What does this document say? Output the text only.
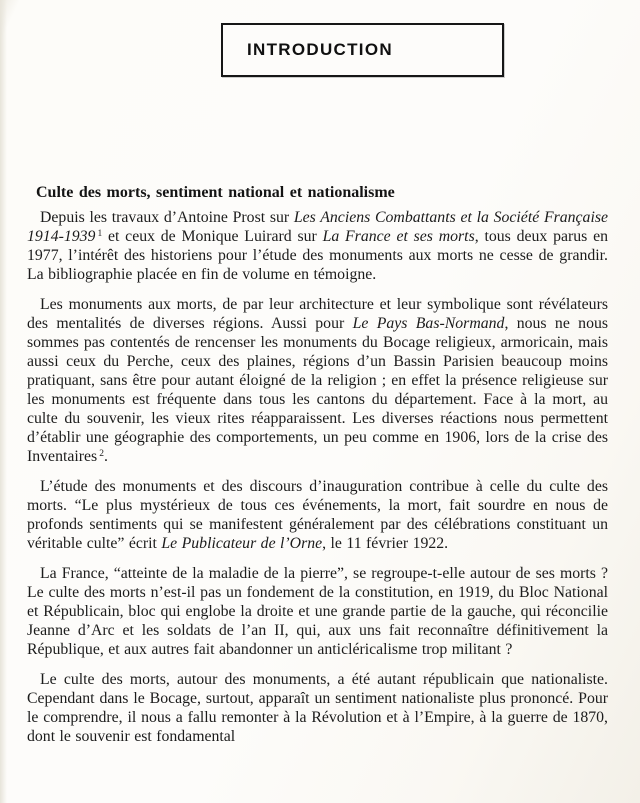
INTRODUCTION
Culte des morts, sentiment national et nationalisme

Depuis les travaux d’Antoine Prost sur Les Anciens Combattants et la Société Française 1914-1939 $^1$ et ceux de Monique Luirard sur La France et ses morts, tous deux parus en 1977, l’intérêt des historiens pour l’étude des monuments aux morts ne cesse de grandir. La bibliographie placée en fin de volume en témoigne.

Les monuments aux morts, de par leur architecture et leur symbolique sont révélateurs des mentalités de diverses régions. Aussi pour Le Pays Bas-Normand, nous ne nous sommes pas contentés de rencenser les monuments du Bocage religieux, armoricain, mais aussi ceux du Perche, ceux des plaines, régions d’un Bassin Parisien beaucoup moins pratiquant, sans être pour autant éloigné de la religion ; en effet la présence religieuse sur les monuments est fréquente dans tous les cantons du département. Face à la mort, au culte du souvenir, les vieux rites réapparaissent. Les diverses réactions nous permettent d’établir une géographie des comportements, un peu comme en 1906, lors de la crise des Inventaires $^2$.

L’étude des monuments et des discours d’inauguration contribue à celle du culte des morts. “Le plus mystérieux de tous ces événements, la mort, fait sourdre en nous de profonds sentiments qui se manifestent généralement par des célébrations constituant un véritable culte” écrit Le Publicateur de l’Orne, le 11 février 1922.

La France, “atteinte de la maladie de la pierre”, se regroupe-t-elle autour de ses morts ? Le culte des morts n’est-il pas un fondement de la constitution, en 1919, du Bloc National et Républicain, bloc qui englobe la droite et une grande partie de la gauche, qui réconcilie Jeanne d’Arc et les soldats de l’an II, qui, aux uns fait reconnaître définitivement la République, et aux autres fait abandonner un anticléricalisme trop militant ?

Le culte des morts, autour des monuments, a été autant républicain que nationaliste. Cependant dans le Bocage, surtout, apparaît un sentiment nationaliste plus prononcé. Pour le comprendre, il nous a fallu remonter à la Révolution et à l’Empire, à la guerre de 1870, dont le souvenir est fondamental
